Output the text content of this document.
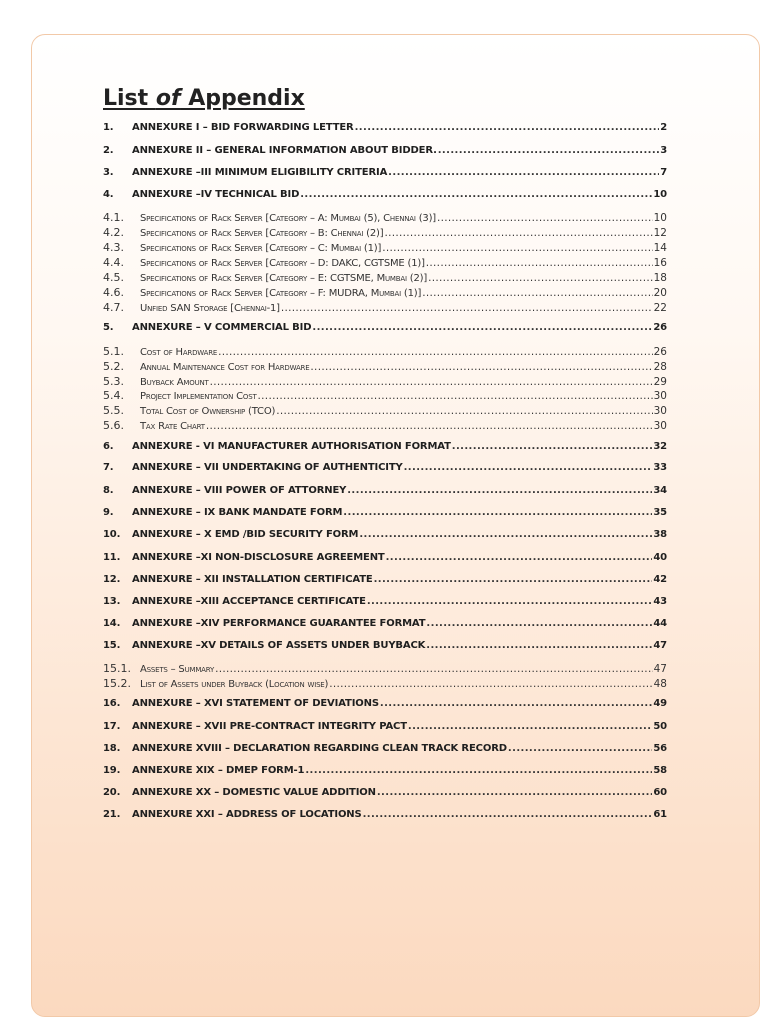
List of Appendix
1.	ANNEXURE I – BID FORWARDING LETTER .....	2
2.	ANNEXURE II – GENERAL INFORMATION ABOUT BIDDER. .....	3
3.	ANNEXURE –III MINIMUM ELIGIBILITY CRITERIA .....	7
4.	ANNEXURE –IV TECHNICAL BID .....	10
4.1.	Specifications of Rack Server [Category – A: Mumbai (5), Chennai (3)] .....	10
4.2.	Specifications of Rack Server [Category – B: Chennai (2)] .....	12
4.3.	Specifications of Rack Server [Category – C: Mumbai (1)] .....	14
4.4.	Specifications of Rack Server [Category – D: DAKC, CGTSME (1)] .....	16
4.5.	Specifications of Rack Server [Category – E: CGTSME, Mumbai (2)] .....	18
4.6.	Specifications of Rack Server [Category – F: MUDRA, Mumbai (1)] .....	20
4.7.	Unfied SAN Storage [Chennai-1] .....	22
5.	ANNEXURE – V COMMERCIAL BID .....	26
5.1.	Cost of Hardware .....	26
5.2.	Annual Maintenance Cost for Hardware .....	28
5.3.	Buyback Amount .....	29
5.4.	Project Implementation Cost .....	30
5.5.	Total Cost of Ownership (TCO) .....	30
5.6.	Tax Rate Chart .....	30
6.	ANNEXURE - VI MANUFACTURER AUTHORISATION FORMAT .....	32
7.	ANNEXURE – VII UNDERTAKING OF AUTHENTICITY .....	33
8.	ANNEXURE – VIII POWER OF ATTORNEY .....	34
9.	ANNEXURE – IX BANK MANDATE FORM .....	35
10.	ANNEXURE – X EMD /BID SECURITY FORM .....	38
11.	ANNEXURE –XI NON-DISCLOSURE AGREEMENT .....	40
12.	ANNEXURE – XII INSTALLATION CERTIFICATE .....	42
13.	ANNEXURE –XIII ACCEPTANCE CERTIFICATE .....	43
14.	ANNEXURE –XIV PERFORMANCE GUARANTEE FORMAT .....	44
15.	ANNEXURE –XV DETAILS OF ASSETS UNDER BUYBACK .....	47
15.1. Assets – Summary .....	47
15.2. List of Assets under Buyback (Location wise) .....	48
16.	ANNEXURE – XVI STATEMENT OF DEVIATIONS .....	49
17.	ANNEXURE – XVII PRE-CONTRACT INTEGRITY PACT .....	50
18.	ANNEXURE XVIII – DECLARATION REGARDING CLEAN TRACK RECORD .....	56
19.	ANNEXURE XIX – DMEP FORM-1 .....	58
20.	ANNEXURE XX – DOMESTIC VALUE ADDITION .....	60
21.	ANNEXURE XXI – ADDRESS OF LOCATIONS .....	61
